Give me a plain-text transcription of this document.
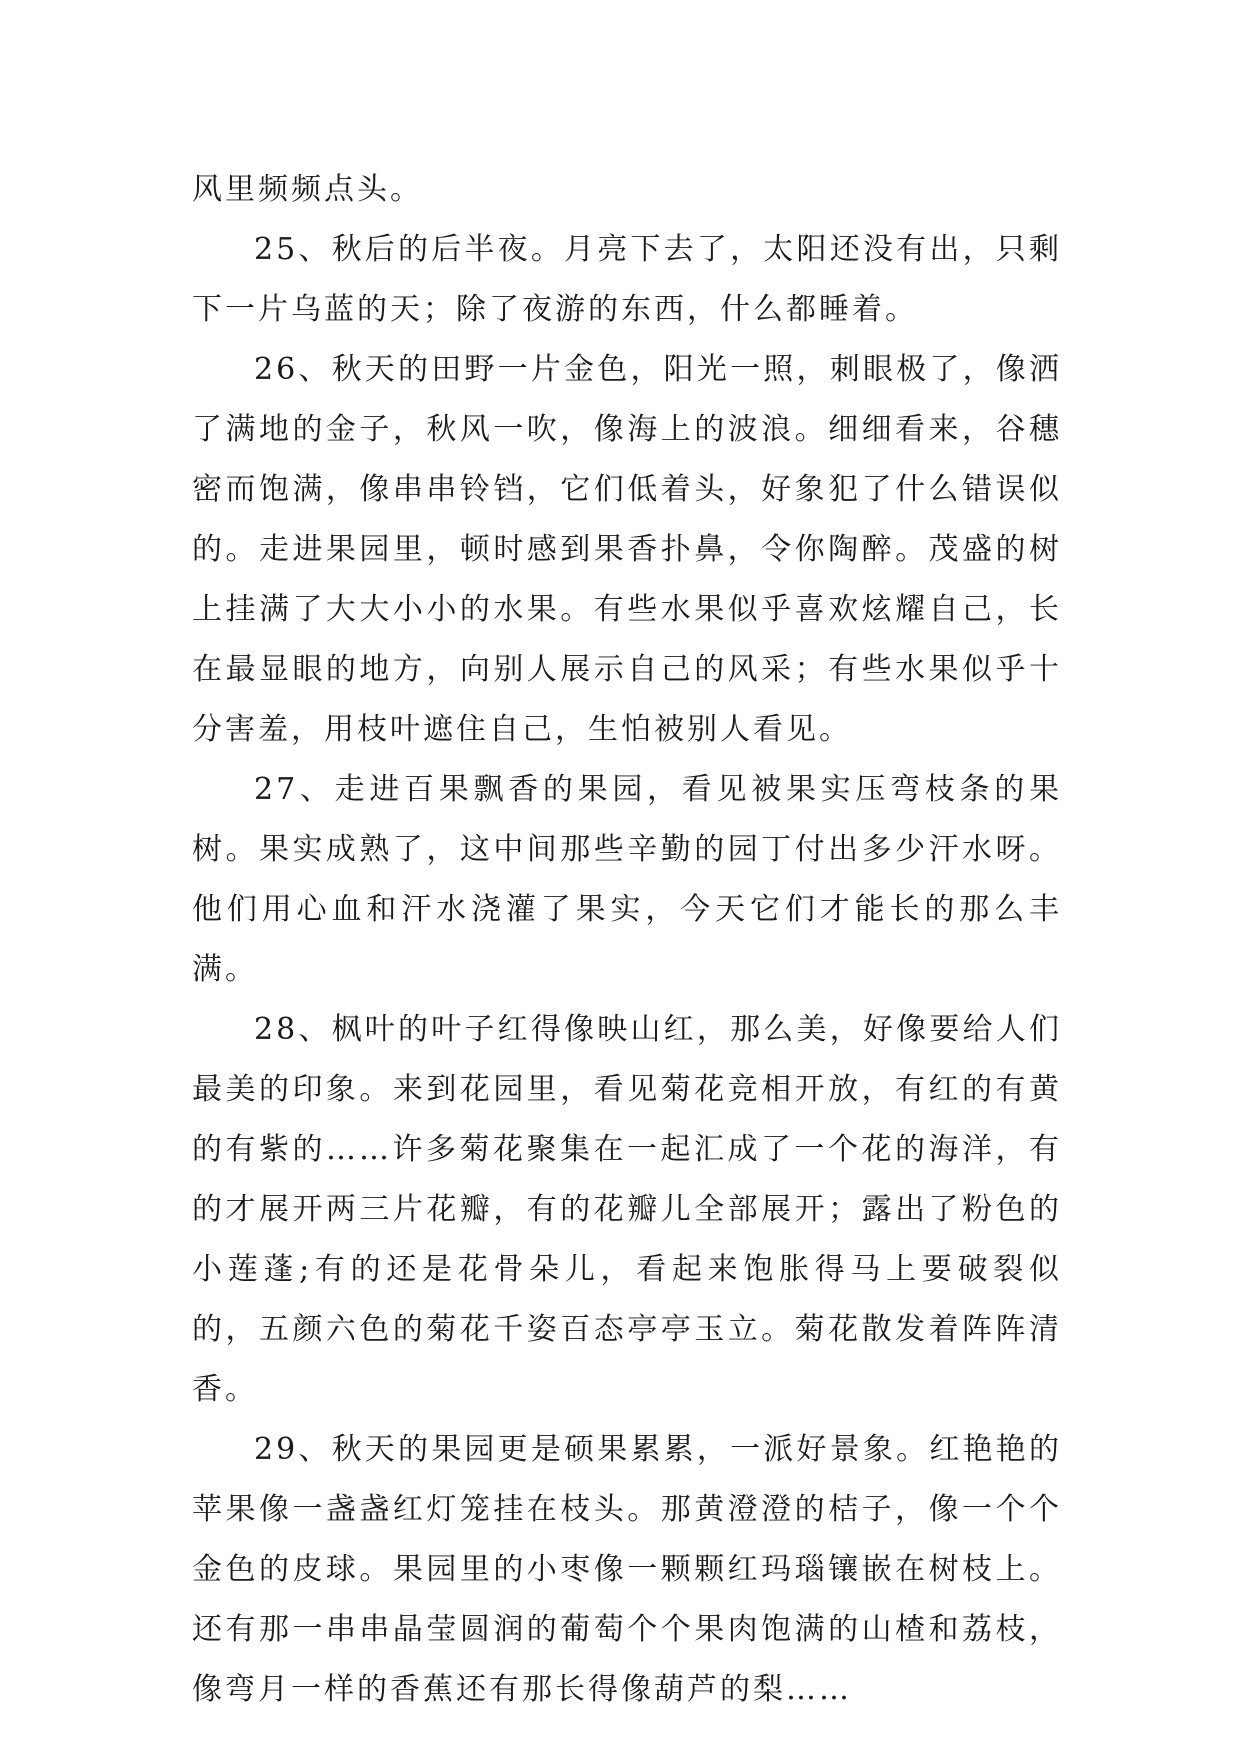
风里频频点头。

25、秋后的后半夜。月亮下去了，太阳还没有出，只剩下一片乌蓝的天；除了夜游的东西，什么都睡着。

26、秋天的田野一片金色，阳光一照，刺眼极了，像洒了满地的金子，秋风一吹，像海上的波浪。细细看来，谷穗密而饱满，像串串铃铛，它们低着头，好象犯了什么错误似的。走进果园里，顿时感到果香扑鼻，令你陶醉。茂盛的树上挂满了大大小小的水果。有些水果似乎喜欢炫耀自己，长在最显眼的地方，向别人展示自己的风采；有些水果似乎十分害羞，用枝叶遮住自己，生怕被别人看见。

27、走进百果飘香的果园，看见被果实压弯枝条的果树。果实成熟了，这中间那些辛勤的园丁付出多少汗水呀。他们用心血和汗水浇灌了果实，今天它们才能长的那么丰满。

28、枫叶的叶子红得像映山红，那么美，好像要给人们最美的印象。来到花园里，看见菊花竞相开放，有红的有黄的有紫的……许多菊花聚集在一起汇成了一个花的海洋，有的才展开两三片花瓣，有的花瓣儿全部展开；露出了粉色的小莲蓬;有的还是花骨朵儿，看起来饱胀得马上要破裂似的，五颜六色的菊花千姿百态亭亭玉立。菊花散发着阵阵清香。

29、秋天的果园更是硕果累累，一派好景象。红艳艳的苹果像一盏盏红灯笼挂在枝头。那黄澄澄的桔子，像一个个金色的皮球。果园里的小枣像一颗颗红玛瑙镶嵌在树枝上。还有那一串串晶莹圆润的葡萄个个果肉饱满的山楂和荔枝，像弯月一样的香蕉还有那长得像葫芦的梨……
